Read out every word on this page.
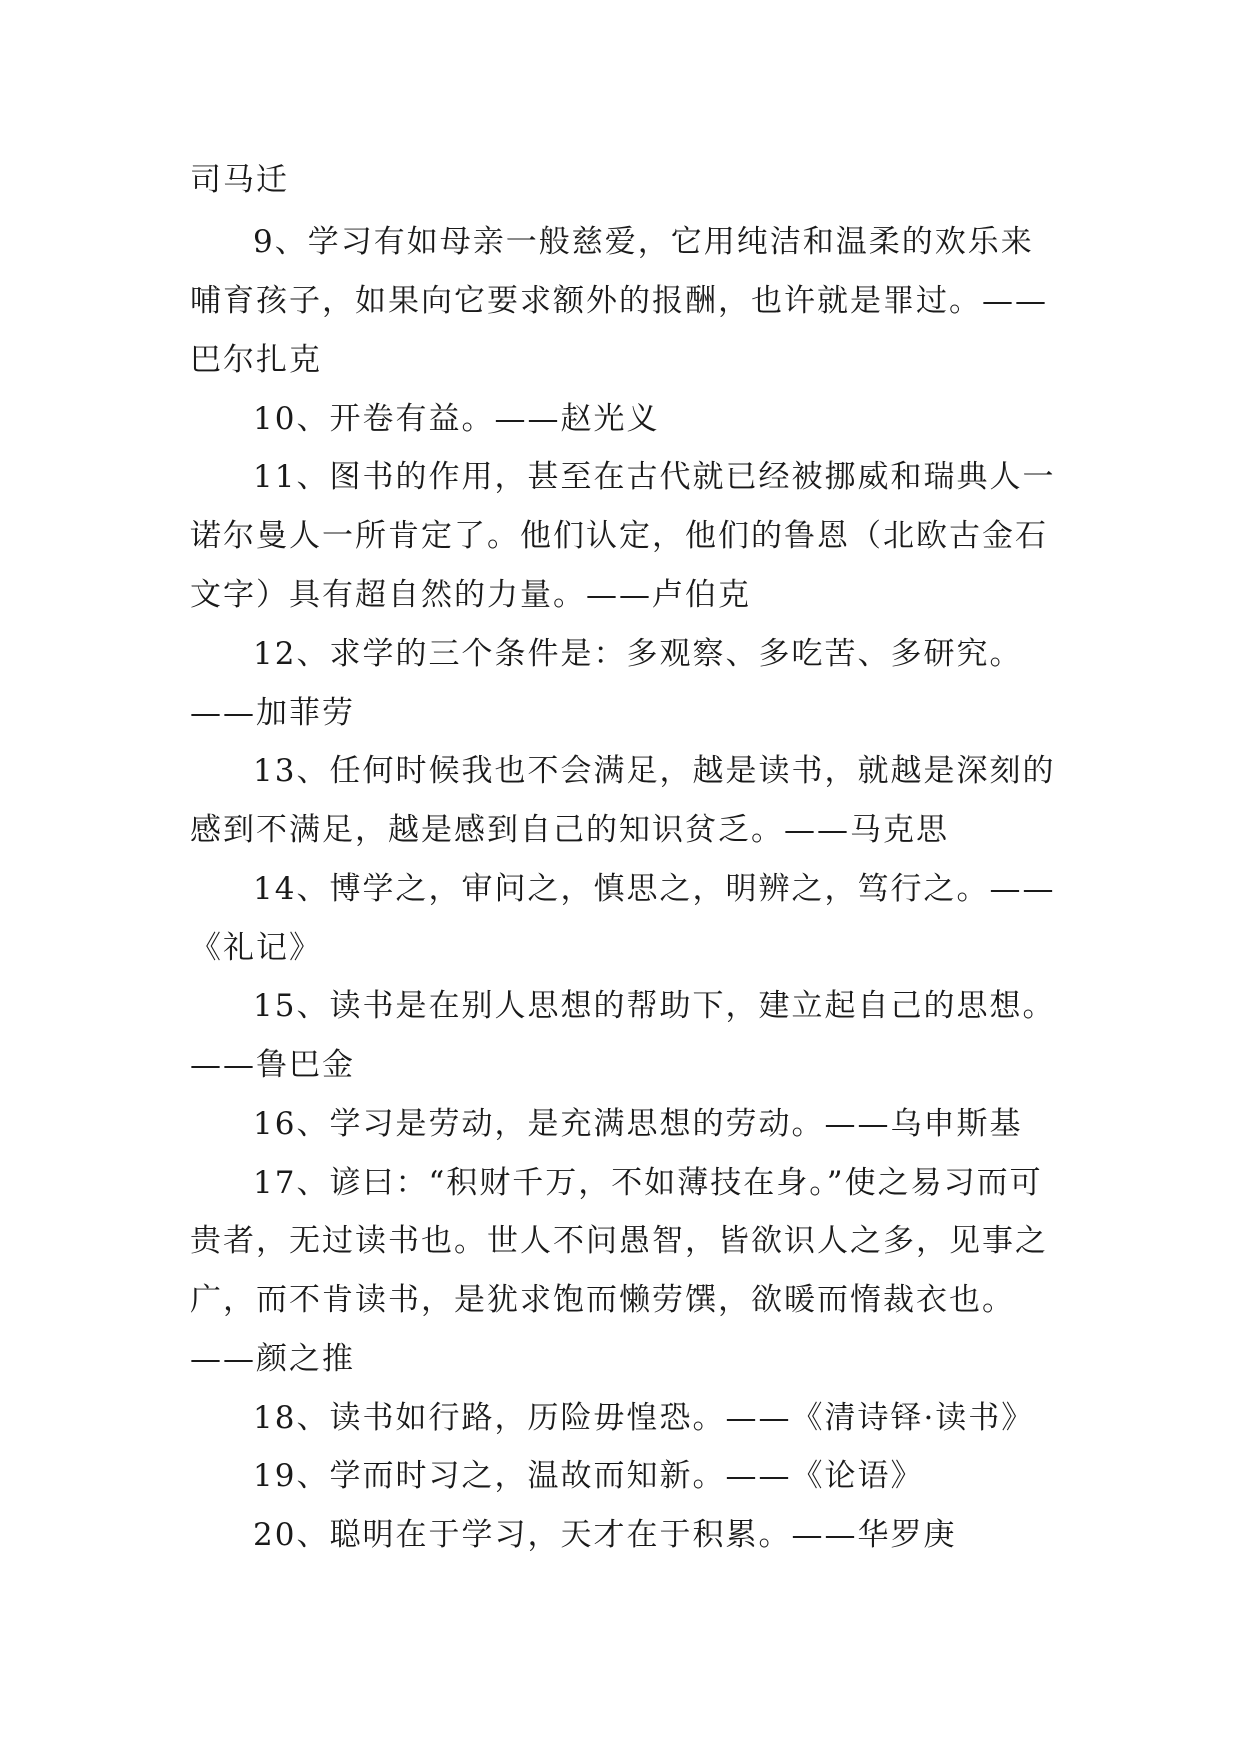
司马迁
9、学习有如母亲一般慈爱，它用纯洁和温柔的欢乐来
哺育孩子，如果向它要求额外的报酬，也许就是罪过。——
巴尔扎克
10、开卷有益。——赵光义
11、图书的作用，甚至在古代就已经被挪威和瑞典人一
诺尔曼人一所肯定了。他们认定，他们的鲁恩（北欧古金石
文字）具有超自然的力量。——卢伯克
12、求学的三个条件是：多观察、多吃苦、多研究。
——加菲劳
13、任何时候我也不会满足，越是读书，就越是深刻的
感到不满足，越是感到自己的知识贫乏。——马克思
14、博学之，审问之，慎思之，明辨之，笃行之。——
《礼记》
15、读书是在别人思想的帮助下，建立起自己的思想。
——鲁巴金
16、学习是劳动，是充满思想的劳动。——乌申斯基
17、谚曰：“积财千万，不如薄技在身。”使之易习而可
贵者，无过读书也。世人不问愚智，皆欲识人之多，见事之
广，而不肯读书，是犹求饱而懒劳馔，欲暖而惰裁衣也。
——颜之推
18、读书如行路，历险毋惶恐。——《清诗铎·读书》
19、学而时习之，温故而知新。——《论语》
20、聪明在于学习，天才在于积累。——华罗庚
